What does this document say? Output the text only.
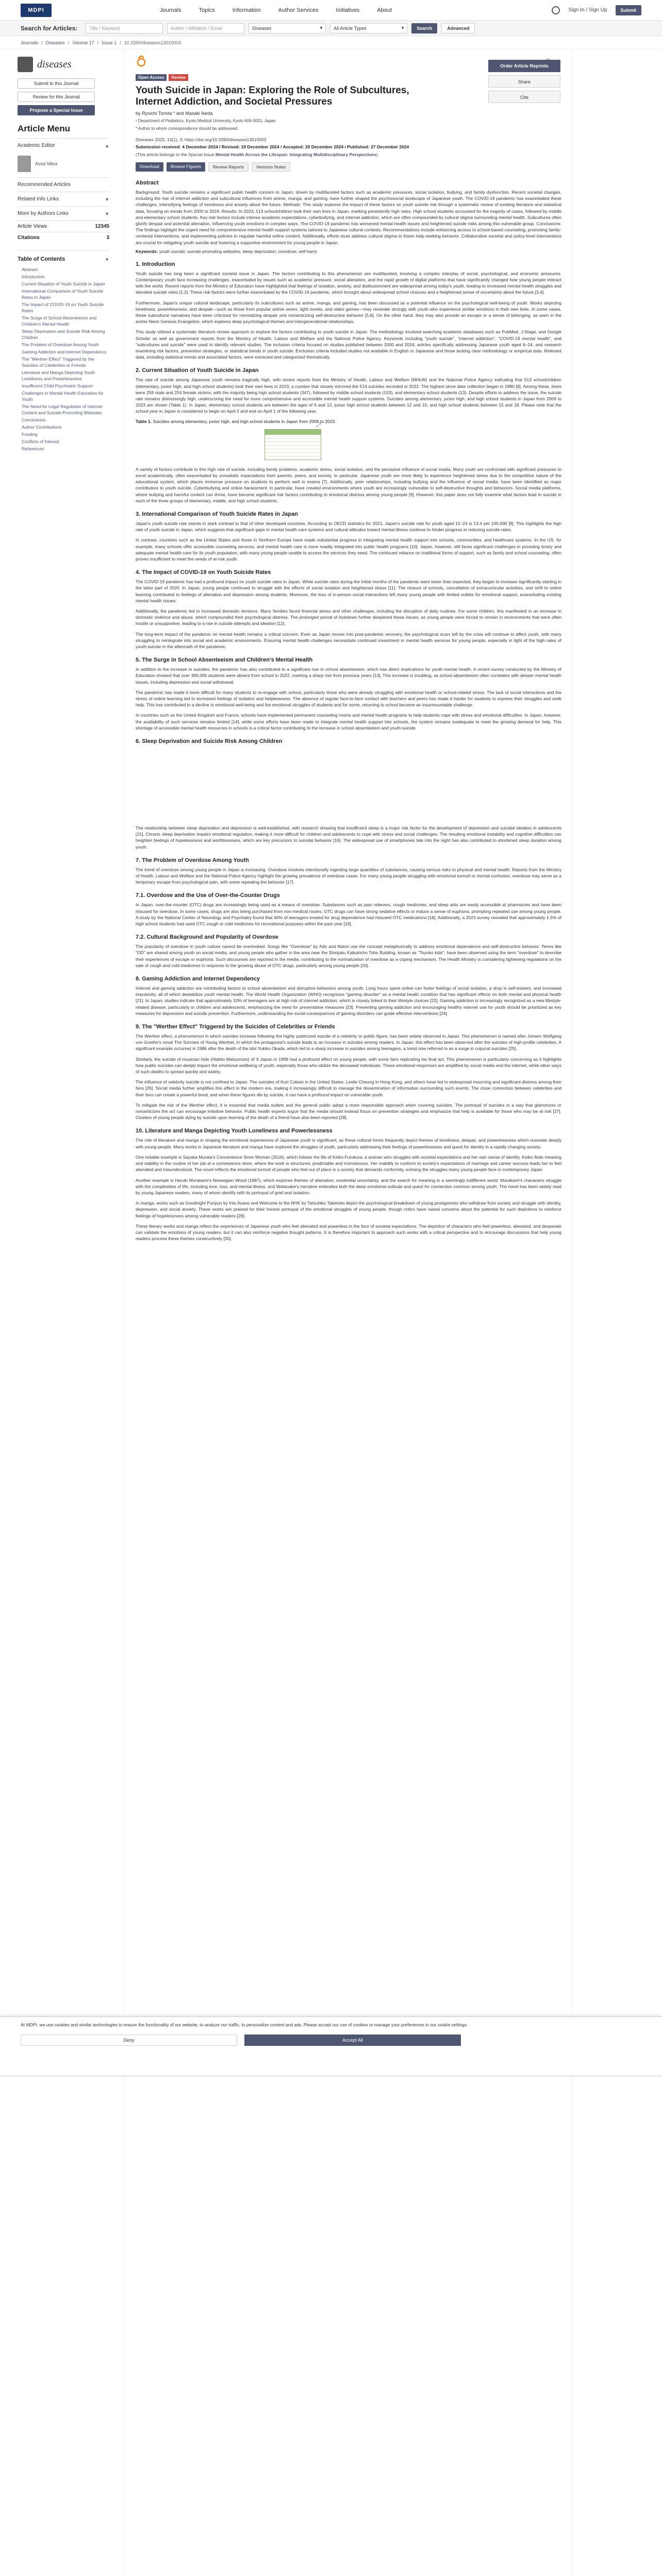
MDPI	Journals	Topics	Information	Author Services	Initiatives	About	Sign In / Sign Up	Submit
Search for Articles:	Title / Keyword	Author / Affiliation / Email	Diseases	▾ All Article Types	▾	Search	Advanced
Journals / Diseases / Volume 17 / Issue 1 / 10.3390/diseases13010003
diseases
Submit to this Journal
Review for this Journal
Propose a Special Issue
Article Menu
Academic Editor	▲
Amol Mitra
Recommended Articles
Related Info Links	▼
More by Authors Links	▼
Article Views	12345
Citations	3
Table of Contents	▲
Abstract
Introduction
Current Situation of Youth Suicide in Japan
International Comparison of Youth Suicide Rates in Japan
The Impact of COVID-19 on Youth Suicide Rates
The Surge of School Absenteeism and Children's Mental Health
Sleep Deprivation and Suicide Risk Among Children
The Problem of Overdose Among Youth
Gaming Addiction and Internet Dependency
The "Werther Effect" Triggered by the Suicides of Celebrities or Friends
Literature and Manga Depicting Youth Loneliness and Powerlessness
Insufficient Child Psychiatric Support
Challenges in Mental Health Education for Youth
The Need for Legal Regulation of Internet Content and Suicide-Promoting Websites
Conclusions
Author Contributions
Funding
Conflicts of Interest
References
Order Article Reprints
Share
Cite
Open Access	Review
Youth Suicide in Japan: Exploring the Role of Subcultures, Internet Addiction, and Societal Pressures
by Ryoichi Tomita * and Masaki Ikeda
¹ Department of Pediatrics, Kyoto Medical University, Kyoto 606-0001, Japan
* Author to whom correspondence should be addressed.
Diseases 2025, 13(1), 3; https://doi.org/10.3390/diseases13010003
Submission received: 4 December 2024 / Revised: 19 December 2024 / Accepted: 20 December 2024 / Published: 27 December 2024
(This article belongs to the Special Issue Mental Health Across the Lifespan: Integrating Multidisciplinary Perspectives)
Download	Browse Figures	Review Reports	Versions Notes
Abstract

Background: Youth suicide remains a significant public health concern in Japan, driven by multifaceted factors such as academic pressures, social isolation, bullying, and family dysfunction. Recent societal changes, including the rise of internet addiction and subcultural influences from anime, manga, and gaming, have further shaped the psychosocial landscape of Japanese youth. The COVID-19 pandemic has exacerbated these challenges, intensifying feelings of loneliness and anxiety about the future. Methods: This study explores the impact of these factors on youth suicide risk through a systematic review of existing literature and statistical data, focusing on trends from 2000 to 2024. Results: In 2023, 513 schoolchildren took their own lives in Japan, marking persistently high rates. High school students accounted for the majority of cases, followed by middle and elementary school students. Key risk factors include intense academic expectations, cyberbullying, and internet addiction, which are often compounded by cultural stigma surrounding mental health. Subcultures often glorify despair and potential alienation, influencing youth emotions in complex ways. The COVID-19 pandemic has worsened mental health issues and heightened suicide risks among this vulnerable group. Conclusions: The findings highlight the urgent need for comprehensive mental health support systems tailored to Japanese cultural contexts. Recommendations include enhancing access to school-based counseling, promoting family-centered interventions, and implementing policies to regulate harmful online content. Additionally, efforts must address cultural stigma to foster help-seeking behavior. Collaborative societal and policy-level interventions are crucial for mitigating youth suicide and fostering a supportive environment for young people in Japan.

Keywords: youth suicide; suicide-promoting websites; sleep deprivation; overdose; self-harm
1. Introduction

Youth suicide has long been a significant societal issue in Japan. The factors contributing to this phenomenon are multifaceted, involving a complex interplay of social, psychological, and economic pressures. Contemporary youth face increasing challenges, exacerbated by issues such as academic pressure, social alienation, and the rapid growth of digital platforms that have significantly changed how young people interact with the world. Recent reports from the Ministry of Education have highlighted that feelings of isolation, anxiety, and disillusionment are widespread among today's youth, leading to increased mental health struggles and elevated suicide rates [1,2]. These risk factors were further exacerbated by the COVID-19 pandemic, which brought about widespread school closures and a heightened sense of uncertainty about the future [3,4].

Furthermore, Japan's unique cultural landscape, particularly its subcultures such as anime, manga, and gaming, has been discussed as a potential influence on the psychological well-being of youth. Works depicting loneliness, powerlessness, and despair—such as those from popular anime series, light novels, and video games—may resonate strongly with youth who experience similar emotions in their own lives. In some cases, these subcultural narratives have been criticized for normalizing despair and romanticizing self-destructive behavior [5,6]. On the other hand, they may also provide an escape or a sense of belonging, as seen in the anime Neon Genesis Evangelion, which explores deep psychological themes and intergenerational relationships.

This study utilized a systematic literature review approach to explore the factors contributing to youth suicide in Japan. The methodology involved searching academic databases such as PubMed, J-Stage, and Google Scholar as well as government reports from the Ministry of Health, Labour and Welfare and the National Police Agency. Keywords including "youth suicide", "internet addiction", "COVID-19 mental health", and "subcultures and suicide" were used to identify relevant studies. The inclusion criteria focused on studies published between 2000 and 2024, articles specifically addressing Japanese youth aged 6–24, and research examining risk factors, prevention strategies, or statistical trends in youth suicide. Exclusion criteria included studies not available in English or Japanese and those lacking clear methodology or empirical data. Relevant data, including statistical trends and associated factors, were extracted and categorized thematically.

2. Current Situation of Youth Suicide in Japan

The rate of suicide among Japanese youth remains tragically high, with recent reports from the Ministry of Health, Labour and Welfare (MHLW) and the National Police Agency indicating that 513 schoolchildren (elementary, junior high, and high school students) took their own lives in 2023, a number that closely mirrored the 514 suicides recorded in 2022. The highest since data collection began in 1980 [8]. Among these, there were 259 male and 254 female victims, with the majority being high school students (347), followed by middle school students (153), and elementary school students (13). Despite efforts to address the issue, the suicide rate remains distressingly high, underscoring the need for more comprehensive and accessible mental health support systems. Suicides among elementary, junior high, and high school students in Japan from 2009 to 2023 are shown (Table 1). In Japan, elementary school students are between the ages of 6 and 12, junior high school students between 12 and 15, and high school students between 15 and 18. Please note that the school year in Japan is considered to begin on April 2 and end on April 1 of the following year.

Table 1. Suicides among elementary, junior high, and high school students in Japan from 2009 to 2023.
⤢

A variety of factors contribute to this high rate of suicide, including family problems, academic stress, social isolation, and the pervasive influence of social media. Many youth are confronted with significant pressures to excel academically, often exacerbated by unrealistic expectations from parents, peers, and society. In particular, Japanese youth are more likely to experience heightened stress due to the competitive nature of the educational system, which places immense pressure on students to perform well in exams [7]. Additionally, peer relationships, including bullying and the influence of social media, have been identified as major contributors to youth suicide. Cyberbullying and online harassment, in particular, have created environments where youth are increasingly vulnerable to self-destructive thoughts and behaviors. Social media platforms, where bullying and harmful content can thrive, have become significant risk factors contributing to emotional distress among young people [9]. However, this paper does not fully examine what factors lead to suicide in each of the three groups of elementary, middle, and high school students.

3. International Comparison of Youth Suicide Rates in Japan

Japan's youth suicide rate stands in stark contrast to that of other developed countries. According to OECD statistics for 2021, Japan's suicide rate for youth aged 15–24 is 13.4 per 100,000 [9]. This highlights the high rate of youth suicide in Japan, which suggests that significant gaps in mental health care systems and cultural attitudes toward mental illness continue to hinder progress in reducing suicide rates.

In contrast, countries such as the United States and those in Northern Europe have made substantial progress in integrating mental health support into schools, communities, and healthcare systems. In the US, for example, many schools offer accessible counseling services, and mental health care is more readily integrated into public health programs [10]. Japan, however, still faces significant challenges in providing timely and adequate mental health care for its youth population, with many young people unable to access the services they need. The continued reliance on traditional forms of support, such as family and school counseling, often proves insufficient to meet the needs of at-risk youth.

4. The Impact of COVID-19 on Youth Suicide Rates

The COVID-19 pandemic has had a profound impact on youth suicide rates in Japan. While suicide rates during the initial months of the pandemic were lower than expected, they began to increase significantly starting in the latter part of 2020. In Japan, young people continued to struggle with the effects of social isolation and heightened stress [11]. The closure of schools, cancellation of extracurricular activities, and shift to online learning contributed to feelings of alienation and depression among students. Moreover, the loss of in-person social interactions left many young people with limited outlets for emotional support, exacerbating existing mental health issues.

Additionally, the pandemic led to increased domestic tensions. Many families faced financial stress and other challenges, including the disruption of daily routines. For some children, this manifested in an increase in domestic violence and abuse, which compounded their psychological distress. The prolonged period of lockdown further deepened these issues, as young people were forced to remain in environments that were often hostile or unsupportive, leading to a rise in suicide attempts and ideation [12].

The long-term impact of the pandemic on mental health remains a critical concern. Even as Japan moves into post-pandemic recovery, the psychological scars left by the crisis will continue to affect youth, with many struggling to reintegrate into social and academic environments. Ensuring mental health challenges necessitate continued investment in mental health services for young people, especially in light of the high rates of youth suicide in the aftermath of the pandemic.

5. The Surge in School Absenteeism and Children's Mental Health

In addition to the increase in suicides, the pandemic has also contributed to a significant rise in school absenteeism, which has direct implications for youth mental health. A recent survey conducted by the Ministry of Education showed that over 300,000 students were absent from school in 2022, marking a sharp rise from previous years [13]. This increase is troubling, as school absenteeism often correlates with deeper mental health issues, including depression and social withdrawal.

The pandemic has made it more difficult for many students to re-engage with school, particularly those who were already struggling with emotional health or school-related stress. The lack of social interactions and the stress of online learning led to increased feelings of isolation and helplessness. The absence of regular face-to-face contact with teachers and peers has made it harder for students to express their struggles and seek help. This has contributed to a decline in emotional well-being and the emotional struggles of students and for some, returning to school became an insurmountable challenge.

In countries such as the United Kingdom and France, schools have implemented permanent counseling rooms and mental health programs to help students cope with stress and emotional difficulties. In Japan, however, the availability of such services remains limited [14], while some efforts have been made to integrate mental health support into schools, the system remains inadequate to meet the growing demand for help. This shortage of accessible mental health resources in schools is a critical factor contributing to the increase in school absenteeism and youth suicide.

6. Sleep Deprivation and Suicide Risk Among Children

The relationship between sleep deprivation and depression is well-established, with research showing that insufficient sleep is a major risk factor for the development of depression and suicidal ideation in adolescents [15]. Chronic sleep deprivation impairs emotional regulation, making it more difficult for children and adolescents to cope with stress and social challenges. The resulting emotional instability and cognitive difficulties can heighten feelings of hopelessness and worthlessness, which are key precursors to suicidal behavior [16]. The widespread use of smartphones late into the night has also contributed to shortened sleep duration among youth.

7. The Problem of Overdose Among Youth

The trend of overdose among young people in Japan is increasing. Overdose involves intentionally ingesting large quantities of substances, causing serious risks to physical and mental health. Reports from the Ministry of Health, Labour and Welfare and the National Police Agency highlight the growing prevalence of overdose cases. For many young people struggling with emotional turmoil or mental confusion, overdose may serve as a temporary escape from psychological pain, with some repeating the behavior [17].

7.1. Overdose and the Use of Over-the-Counter Drugs

In Japan, over-the-counter (OTC) drugs are increasingly being used as a means of overdose. Substances such as pain relievers, cough medicines, and sleep aids are easily accessible at pharmacies and have been misused for overdose. In some cases, drugs are also being purchased from non-medical routes. OTC drugs can have strong sedative effects or induce a sense of euphoria, prompting repeated use among young people. A study by the National Center of Neurology and Psychiatry found that 40% of teenagers treated for drug dependence had misused OTC medications [18]. Additionally, a 2023 survey revealed that approximately 1.5% of high school students had used OTC cough or cold medicines for recreational purposes within the past year [19].

7.2. Cultural Background and Popularity of Overdose

The popularity of overdose in youth culture cannot be overlooked. Songs like "Overdose" by Ado and Natori use the concept metaphorically to address emotional dependence and self-destructive behavior. Terms like "OD" are shared among youth on social media, and young people who gather in the area near the Shinjuku Kabukicho Toho Building, known as "Toyoko kids", have been observed using the term "overdose" to describe their experiences of escape or euphoria. Such discourses are reported in the media, contributing to the normalization of overdose as a coping mechanism. The Health Ministry is considering tightening regulations on the sale of cough and cold medicines in response to the growing abuse of OTC drugs, particularly among young people [20].

8. Gaming Addiction and Internet Dependency

Internet and gaming addiction are contributing factors to school absenteeism and disruptive behaviors among youth. Long hours spent online can foster feelings of social isolation, a drop in self-esteem, and increased impulsivity, all of which destabilize youth mental health. The World Health Organization (WHO) recognizes "gaming disorder" as a mental health condition that has significant effects on both mental and physical health [21]. In Japan, studies indicate that approximately 10% of teenagers are at high risk of internet addiction, which is closely linked to their lifestyle choices [22]. Gaming addiction is increasingly recognized as a new lifestyle-related disease, particularly in children and adolescents, emphasizing the need for preventative measures [23]. Preventing gaming addiction and encouraging healthy internet use for youth should be prioritized as key measures for depression and suicide prevention. Furthermore, understanding the social consequences of gaming disorders can guide effective interventions [24].

9. The "Werther Effect" Triggered by the Suicides of Celebrities or Friends

The Werther effect, a phenomenon in which suicides increase following the highly publicized suicide of a celebrity or public figure, has been widely observed in Japan. This phenomenon is named after Johann Wolfgang von Goethe's novel The Sorrows of Young Werther, in which the protagonist's suicide leads to an increase in suicides among readers. In Japan, this effect has been observed after the suicides of high-profile celebrities. A significant example occurred in 1986 after the death of the idol Yukiko Okada, which led to a sharp increase in suicides among teenagers, a trend now referred to as a surge in copycat suicides [25].

Similarly, the suicide of musician hide (Hideto Matsumoto) of X Japan in 1998 had a profound effect on young people, with some fans replicating his final act. This phenomenon is particularly concerning as it highlights how public suicides can deeply impact the emotional wellbeing of youth, especially those who idolize the deceased individuals. These emotional responses are amplified by social media and the internet, while other ways of such deaths to spread quickly and widely.

The influence of celebrity suicide is not confined to Japan. The suicides of Kurt Cobain in the United States, Leslie Cheung in Hong Kong, and others have led to widespread mourning and significant distress among their fans [26]. Social media further amplifies this effect in the modern era, making it increasingly difficult to manage the dissemination of information surrounding such events. The close connection between celebrities and their fans can create a powerful bond, and when these figures die by suicide, it can have a profound impact on vulnerable youth.

To mitigate the risk of the Werther effect, it is essential that media outlets and the general public adopt a more responsible approach when covering suicides. The portrayal of suicides in a way that glamorizes or romanticizes the act can encourage imitative behavior. Public health experts argue that the media should instead focus on prevention strategies and emphasize that help is available for those who may be at risk [27]. Clusters of young people dying by suicide upon learning of the death of a friend have also been reported [28].

10. Literature and Manga Depicting Youth Loneliness and Powerlessness

The role of literature and manga in shaping the emotional experiences of Japanese youth is significant, as these cultural forms frequently depict themes of loneliness, despair, and powerlessness which resonate deeply with young people. Many works in Japanese literature and manga have explored the struggles of youth, particularly addressing their feelings of powerlessness and quest for identity in a rapidly changing society.

One notable example is Sayaka Murata's Convenience Store Woman (2016), which follows the life of Keiko Furukura, a woman who struggles with societal expectations and her own sense of identity. Keiko finds meaning and stability in the routine of her job at a convenience store, where the work is structured, predictable and monotonous. Her inability to conform to society's expectations of marriage and career success leads her to feel alienated and misunderstood. The novel reflects the emotional turmoil of people who feel out of place in a society that demands conformity, echoing the struggles many young people face in contemporary Japan.

Another example is Haruki Murakami's Norwegian Wood (1987), which explores themes of alienation, existential uncertainty, and the search for meaning in a seemingly indifferent world. Murakami's characters struggle with the complexities of life, including love, loss, and mental illness, and Watanabe's narrative embodies both the deep emotional solitude and quest for connection common among youth. The novel has been widely read by young Japanese readers, many of whom identify with its portrayal of grief and isolation.

In manga, works such as Goodnight Punpun by Inio Asano and Welcome to the NHK by Tatsuhiko Takimoto depict the psychological breakdown of young protagonists who withdraw from society and struggle with identity, depression, and social anxiety. These works are praised for their honest portrayal of the emotional struggles of young people, though critics have raised concerns about the potential for such depictions to reinforce feelings of hopelessness among vulnerable readers [29].

These literary works and manga reflect the experiences of Japanese youth who feel alienated and powerless in the face of societal expectations. The depiction of characters who feel powerless, alienated, and desperate can validate the emotions of young readers, but it can also reinforce negative thought patterns. It is therefore important to approach such works with a critical perspective and to encourage discussions that help young readers process these themes constructively [30].

At MDPI, we use cookies and similar technologies to ensure the functionality of our website, to analyze our traffic, to personalize content and ads. Please accept our use of cookies or manage your preferences in our cookie settings.

Deny	Accept All
